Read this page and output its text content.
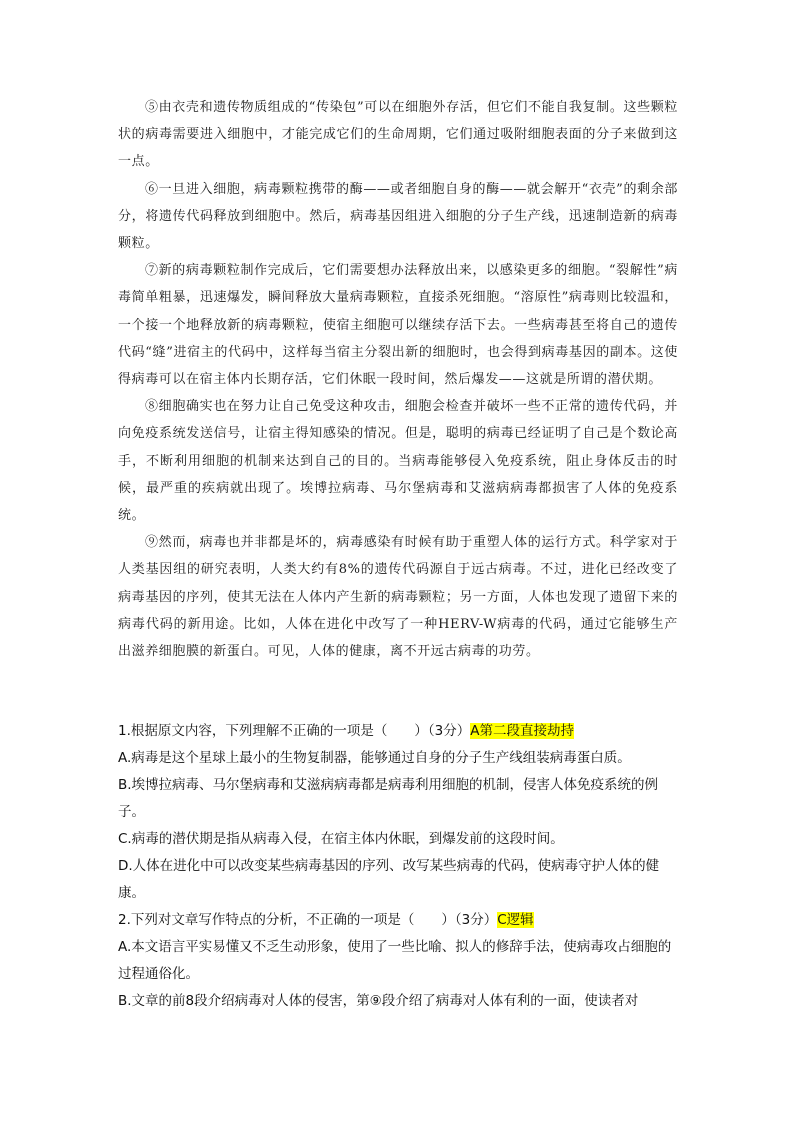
⑤由衣壳和遗传物质组成的“传染包”可以在细胞外存活，但它们不能自我复制。这些颗粒状的病毒需要进入细胞中，才能完成它们的生命周期，它们通过吸附细胞表面的分子来做到这一点。

⑥一旦进入细胞，病毒颗粒携带的酶——或者细胞自身的酶——就会解开“衣壳”的剩余部分，将遗传代码释放到细胞中。然后，病毒基因组进入细胞的分子生产线，迅速制造新的病毒颗粒。

⑦新的病毒颗粒制作完成后，它们需要想办法释放出来，以感染更多的细胞。“裂解性”病毒简单粗暴，迅速爆发，瞬间释放大量病毒颗粒，直接杀死细胞。“溶原性”病毒则比较温和，一个接一个地释放新的病毒颗粒，使宿主细胞可以继续存活下去。一些病毒甚至将自己的遗传代码“缝”进宿主的代码中，这样每当宿主分裂出新的细胞时，也会得到病毒基因的副本。这使得病毒可以在宿主体内长期存活，它们休眠一段时间，然后爆发——这就是所谓的潜伏期。

⑧细胞确实也在努力让自己免受这种攻击，细胞会检查并破坏一些不正常的遗传代码，并向免疫系统发送信号，让宿主得知感染的情况。但是，聪明的病毒已经证明了自己是个数论高手，不断利用细胞的机制来达到自己的目的。当病毒能够侵入免疫系统，阻止身体反击的时候，最严重的疾病就出现了。埃博拉病毒、马尔堡病毒和艾滋病病毒都损害了人体的免疫系统。

⑨然而，病毒也并非都是坏的，病毒感染有时候有助于重塑人体的运行方式。科学家对于人类基因组的研究表明，人类大约有8%的遗传代码源自于远古病毒。不过，进化已经改变了病毒基因的序列，使其无法在人体内产生新的病毒颗粒；另一方面，人体也发现了遗留下来的病毒代码的新用途。比如，人体在进化中改写了一种HERV-W病毒的代码，通过它能够生产出滋养细胞膜的新蛋白。可见，人体的健康，离不开远古病毒的功劳。

1.根据原文内容，下列理解不正确的一项是（　　）（3分）A第二段直接劫持

A.病毒是这个星球上最小的生物复制器，能够通过自身的分子生产线组装病毒蛋白质。

B.埃博拉病毒、马尔堡病毒和艾滋病病毒都是病毒利用细胞的机制，侵害人体免疫系统的例子。

C.病毒的潜伏期是指从病毒入侵，在宿主体内休眠，到爆发前的这段时间。

D.人体在进化中可以改变某些病毒基因的序列、改写某些病毒的代码，使病毒守护人体的健康。

2.下列对文章写作特点的分析，不正确的一项是（　　）（3分）C逻辑

A.本文语言平实易懂又不乏生动形象，使用了一些比喻、拟人的修辞手法，使病毒攻占细胞的过程通俗化。

B.文章的前8段介绍病毒对人体的侵害，第⑨段介绍了病毒对人体有利的一面，使读者对
